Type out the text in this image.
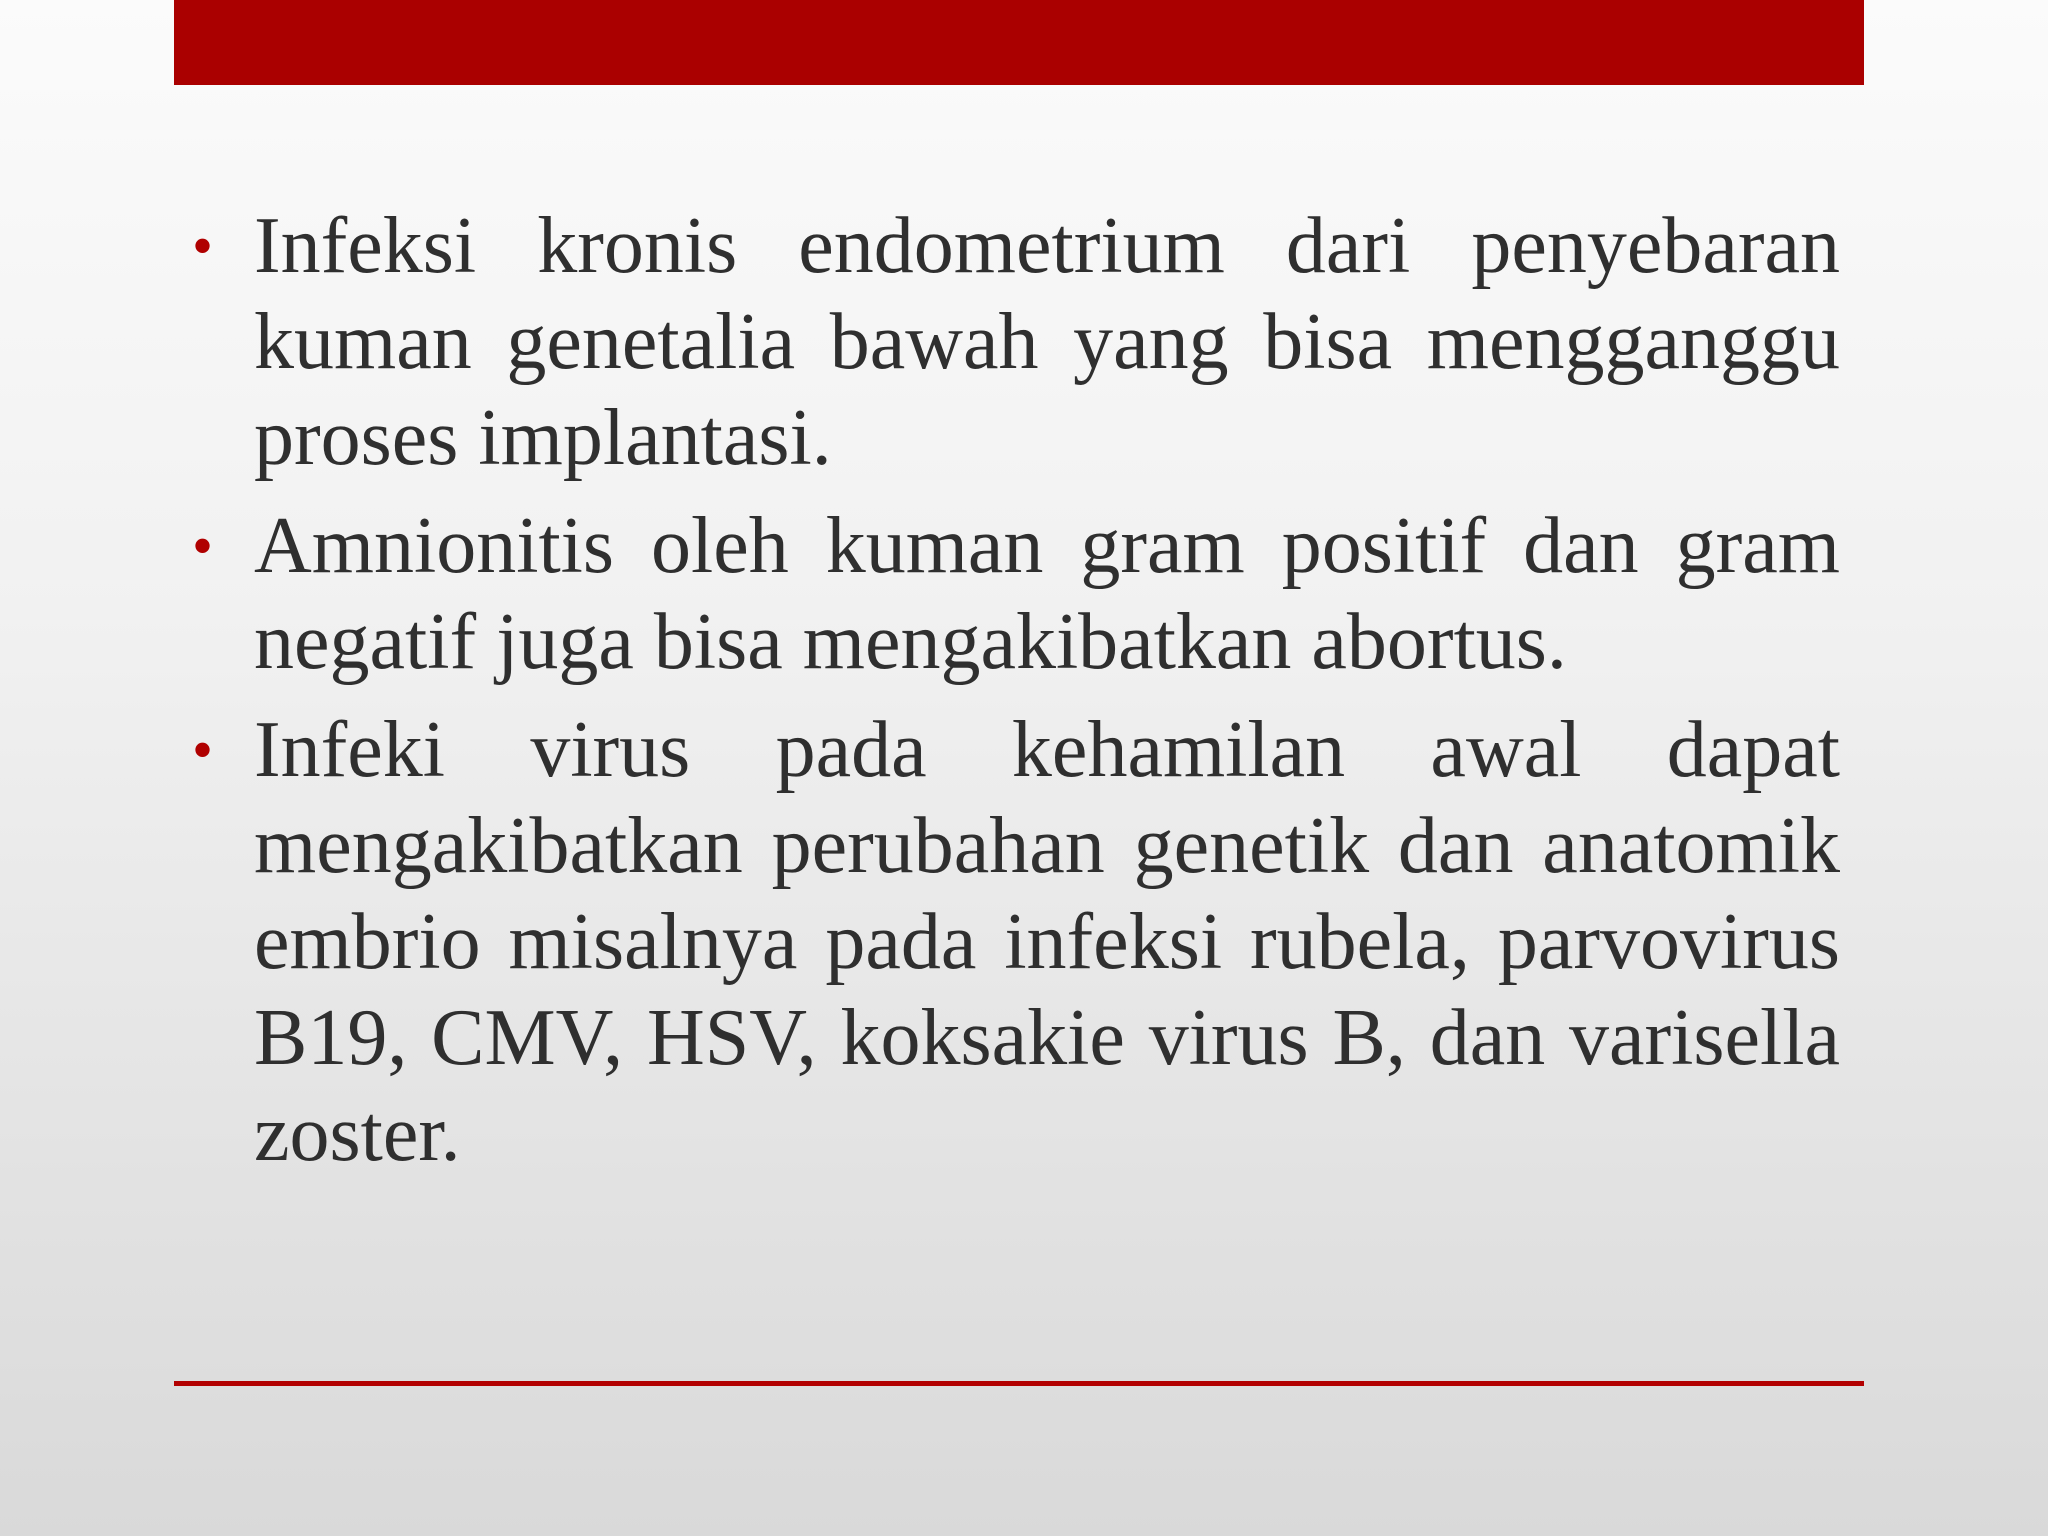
• Infeksi kronis endometrium dari penyebaran kuman genetalia bawah yang bisa mengganggu proses implantasi.
• Amnionitis oleh kuman gram positif dan gram negatif juga bisa mengakibatkan abortus.
• Infeki virus pada kehamilan awal dapat mengakibatkan perubahan genetik dan anatomik embrio misalnya pada infeksi rubela, parvovirus B19, CMV, HSV, koksakie virus B, dan varisella zoster.
